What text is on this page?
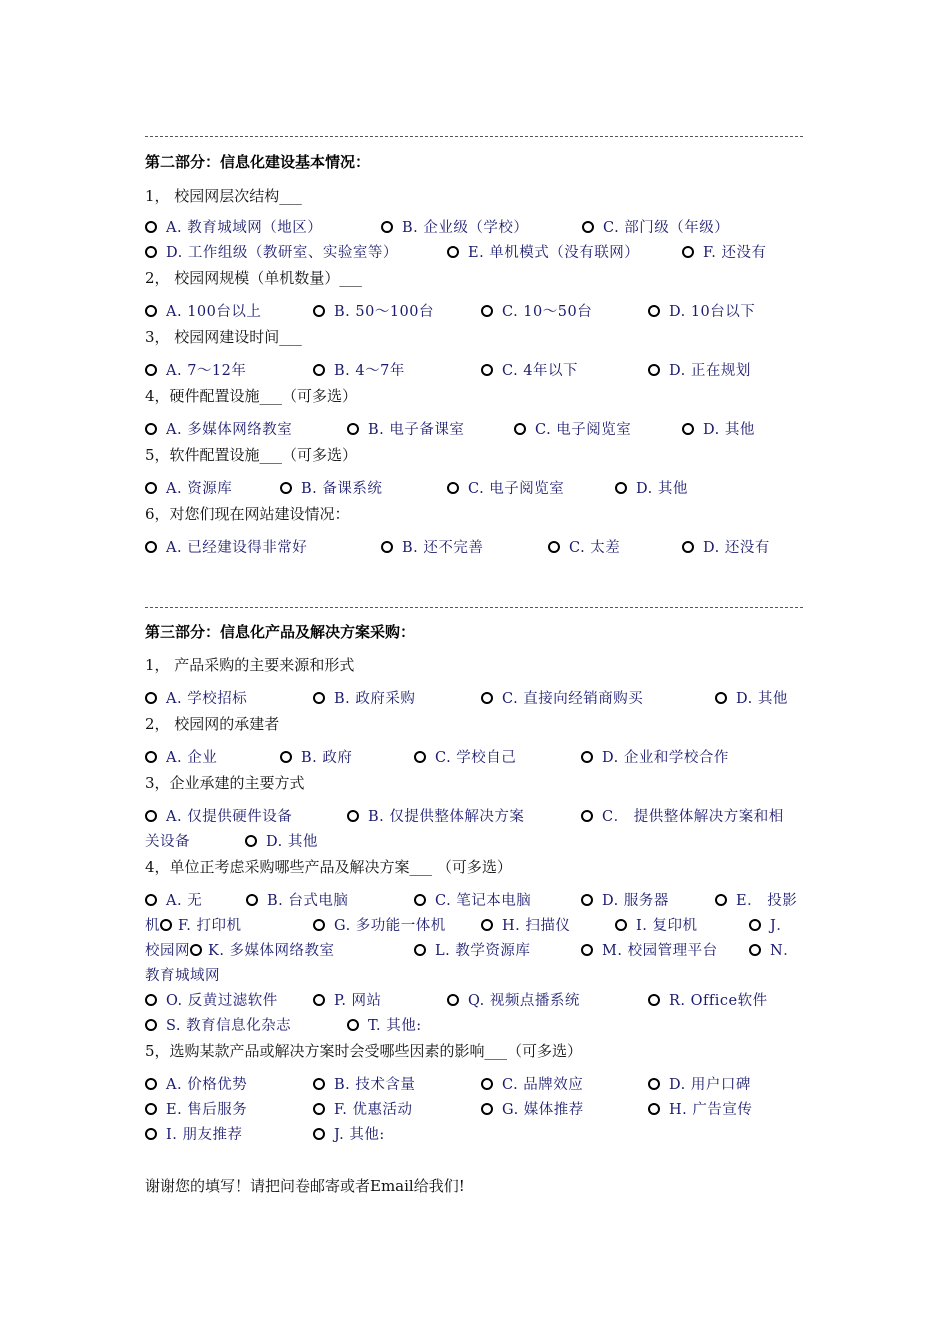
第二部分：信息化建设基本情况：
1， 校园网层次结构___
A. 教育城域网（地区）	B. 企业级（学校）	C. 部门级（年级）
D. 工作组级（教研室、实验室等）	E. 单机模式（没有联网）	F. 还没有
2， 校园网规模（单机数量）___
A. 100台以上	B. 50～100台	C. 10～50台	D. 10台以下
3， 校园网建设时间___
A. 7～12年	B. 4～7年	C. 4年以下	D. 正在规划
4，硬件配置设施___（可多选）
A. 多媒体网络教室	B. 电子备课室	C. 电子阅览室	D. 其他
5，软件配置设施___（可多选）
A. 资源库	B. 备课系统	C. 电子阅览室	D. 其他
6，对您们现在网站建设情况：
A. 已经建设得非常好	B. 还不完善	C. 太差	D. 还没有
第三部分：信息化产品及解决方案采购：
1， 产品采购的主要来源和形式
A. 学校招标	B. 政府采购	C. 直接向经销商购买	D. 其他
2， 校园网的承建者
A. 企业	B. 政府	C. 学校自己	D. 企业和学校合作
3，企业承建的主要方式
A. 仅提供硬件设备	B. 仅提供整体解决方案	C． 提供整体解决方案和相
关设备	D. 其他
4，单位正考虑采购哪些产品及解决方案___ （可多选）
A. 无	B. 台式电脑	C. 笔记本电脑	D. 服务器	E． 投影
机 F. 打印机	G. 多功能一体机	H. 扫描仪	I. 复印机	J．
校园网 K. 多媒体网络教室	L. 教学资源库	M. 校园管理平台	N．
教育城域网
O. 反黄过滤软件	P. 网站	Q. 视频点播系统	R. Office软件
S. 教育信息化杂志	T. 其他:
5，选购某款产品或解决方案时会受哪些因素的影响___（可多选）
A. 价格优势	B. 技术含量	C. 品牌效应	D. 用户口碑
E. 售后服务	F. 优惠活动	G. 媒体推荐	H. 广告宣传
I. 朋友推荐	J. 其他:
谢谢您的填写！请把问卷邮寄或者Email给我们!
